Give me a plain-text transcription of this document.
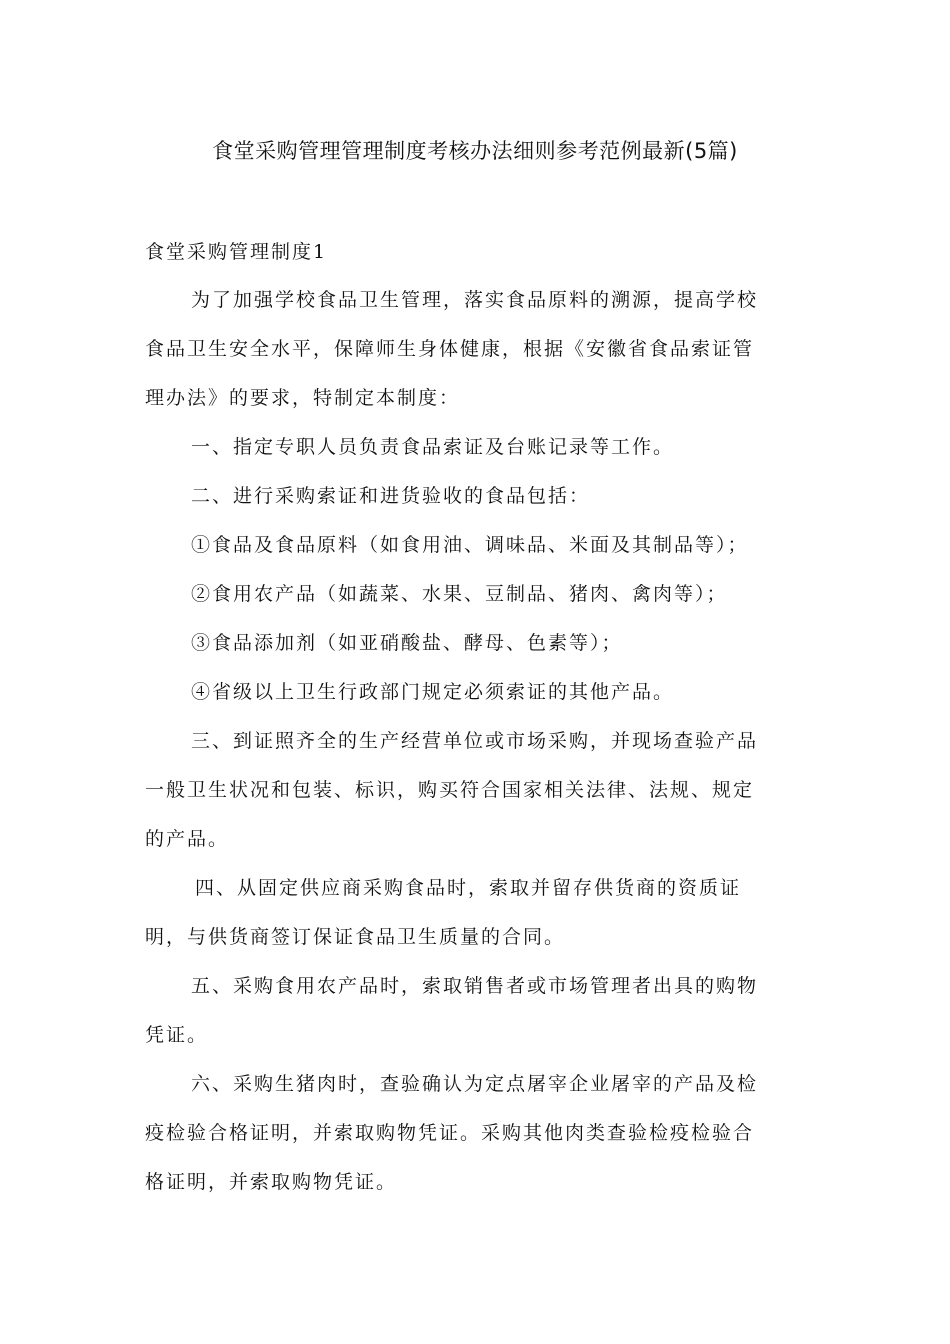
食堂采购管理管理制度考核办法细则参考范例最新(5篇)
食堂采购管理制度1

为了加强学校食品卫生管理，落实食品原料的溯源，提高学校

食品卫生安全水平，保障师生身体健康，根据《安徽省食品索证管

理办法》的要求，特制定本制度：

一、指定专职人员负责食品索证及台账记录等工作。

二、进行采购索证和进货验收的食品包括：

①食品及食品原料（如食用油、调味品、米面及其制品等）；

②食用农产品（如蔬菜、水果、豆制品、猪肉、禽肉等）；

③食品添加剂（如亚硝酸盐、酵母、色素等）；

④省级以上卫生行政部门规定必须索证的其他产品。

三、到证照齐全的生产经营单位或市场采购，并现场查验产品

一般卫生状况和包装、标识，购买符合国家相关法律、法规、规定

的产品。

四、从固定供应商采购食品时，索取并留存供货商的资质证

明，与供货商签订保证食品卫生质量的合同。

五、采购食用农产品时，索取销售者或市场管理者出具的购物

凭证。

六、采购生猪肉时，查验确认为定点屠宰企业屠宰的产品及检

疫检验合格证明，并索取购物凭证。采购其他肉类查验检疫检验合

格证明，并索取购物凭证。
